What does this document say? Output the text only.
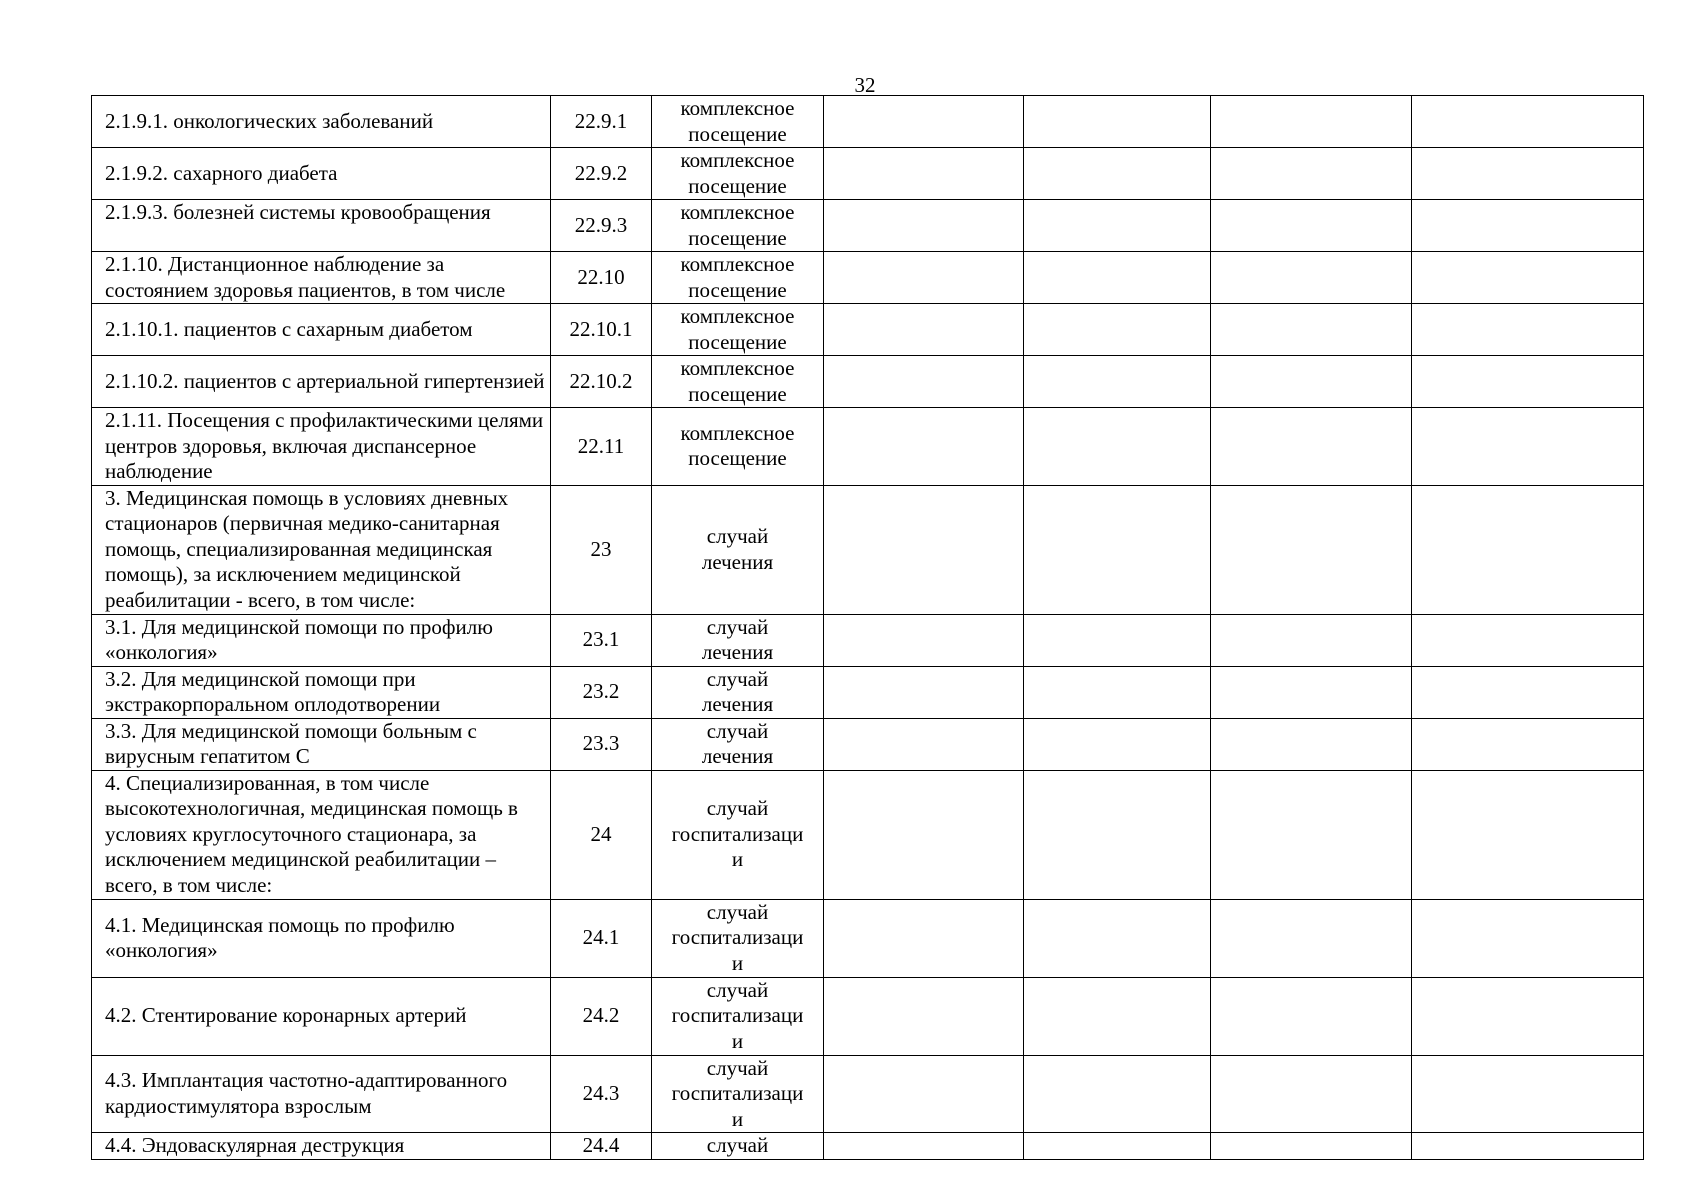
32
2.1.9.1. онкологических заболеваний	22.9.1	комплексное
посещение				

2.1.9.2. сахарного диабета	22.9.2	комплексное
посещение				

2.1.9.3. болезней системы кровообращения	22.9.3	комплексное
посещение				

2.1.10. Дистанционное наблюдение за состоянием здоровья пациентов, в том числе	22.10	комплексное
посещение				

2.1.10.1. пациентов с сахарным диабетом	22.10.1	комплексное
посещение				

2.1.10.2. пациентов с артериальной гипертензией	22.10.2	комплексное
посещение				

2.1.11. Посещения с профилактическими целями центров здоровья, включая диспансерное наблюдение	22.11	комплексное
посещение				

3. Медицинская помощь в условиях дневных стационаров (первичная медико-санитарная помощь, специализированная медицинская помощь), за исключением медицинской реабилитации - всего, в том числе:	23	случай
лечения				

3.1. Для медицинской помощи по профилю «онкология»	23.1	случай
лечения				

3.2. Для медицинской помощи при экстракорпоральном оплодотворении	23.2	случай
лечения				

3.3. Для медицинской помощи больным с вирусным гепатитом С	23.3	случай
лечения				

4. Специализированная, в том числе высокотехнологичная, медицинская помощь в условиях круглосуточного стационара, за исключением медицинской реабилитации – всего, в том числе:	24	случай
госпитализаци
и				

4.1. Медицинская помощь по профилю «онкология»	24.1	случай
госпитализаци
и				

4.2. Стентирование коронарных артерий	24.2	случай
госпитализаци
и				

4.3. Имплантация частотно-адаптированного кардиостимулятора взрослым	24.3	случай
госпитализаци
и				

4.4. Эндоваскулярная деструкция	24.4	случай				
